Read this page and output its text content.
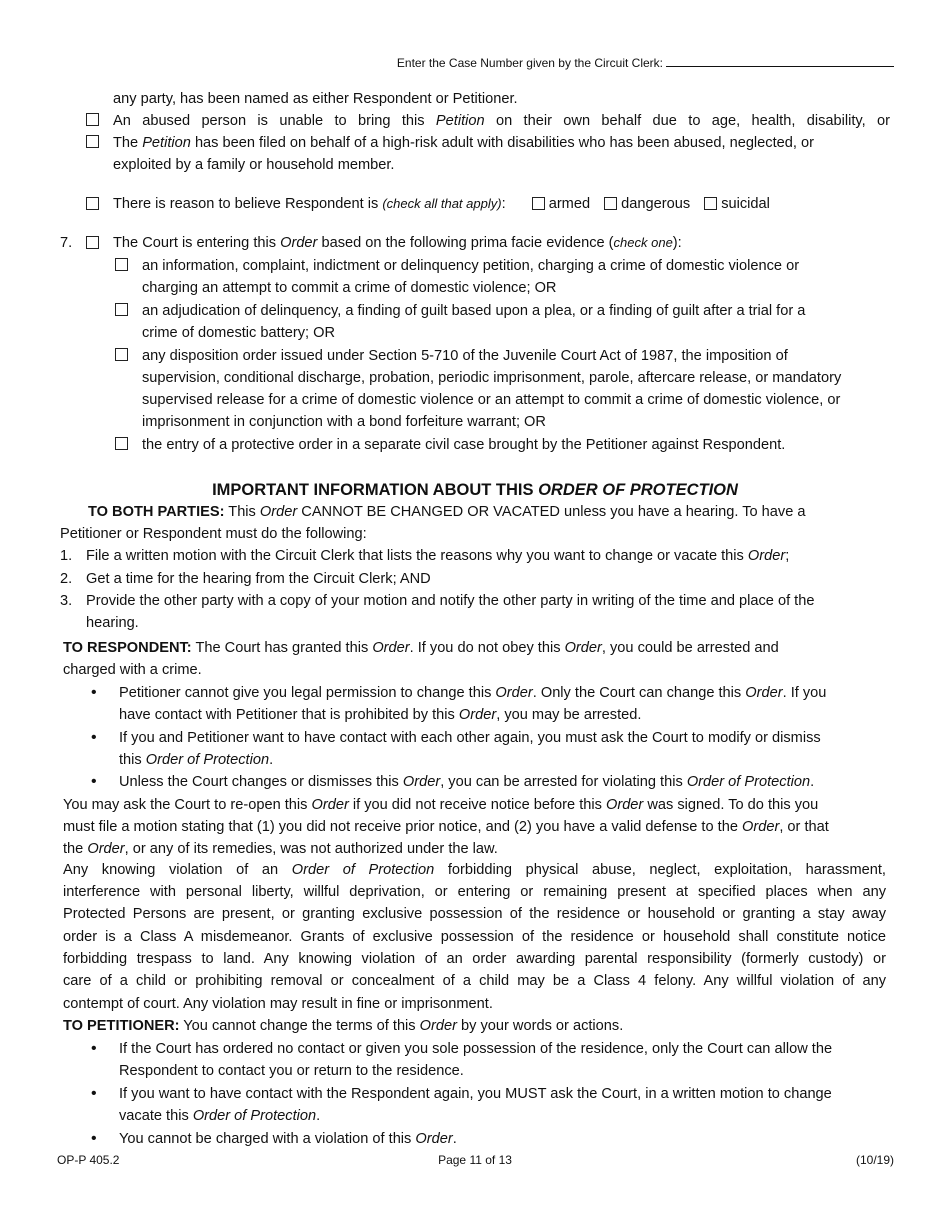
Enter the Case Number given by the Circuit Clerk:
any party, has been named as either Respondent or Petitioner.
An abused person is unable to bring this Petition on their own behalf due to age, health, disability, or
The Petition has been filed on behalf of a high-risk adult with disabilities who has been abused, neglected, or
exploited by a family or household member.
There is reason to believe Respondent is (check all that apply):	armed dangerous suicidal
7.	The Court is entering this Order based on the following prima facie evidence (check one):
an information, complaint, indictment or delinquency petition, charging a crime of domestic violence or
charging an attempt to commit a crime of domestic violence; OR
an adjudication of delinquency, a finding of guilt based upon a plea, or a finding of guilt after a trial for a
crime of domestic battery; OR
any disposition order issued under Section 5-710 of the Juvenile Court Act of 1987, the imposition of
supervision, conditional discharge, probation, periodic imprisonment, parole, aftercare release, or mandatory
supervised release for a crime of domestic violence or an attempt to commit a crime of domestic violence, or
imprisonment in conjunction with a bond forfeiture warrant; OR
the entry of a protective order in a separate civil case brought by the Petitioner against Respondent.
IMPORTANT INFORMATION ABOUT THIS ORDER OF PROTECTION
TO BOTH PARTIES: This Order CANNOT BE CHANGED OR VACATED unless you have a hearing. To have a
Petitioner or Respondent must do the following:
1. File a written motion with the Circuit Clerk that lists the reasons why you want to change or vacate this Order;
2. Get a time for the hearing from the Circuit Clerk; AND
3. Provide the other party with a copy of your motion and notify the other party in writing of the time and place of the
hearing.
TO RESPONDENT: The Court has granted this Order. If you do not obey this Order, you could be arrested and
charged with a crime.
• Petitioner cannot give you legal permission to change this Order. Only the Court can change this Order. If you
have contact with Petitioner that is prohibited by this Order, you may be arrested.
• If you and Petitioner want to have contact with each other again, you must ask the Court to modify or dismiss
this Order of Protection.
• Unless the Court changes or dismisses this Order, you can be arrested for violating this Order of Protection.
You may ask the Court to re-open this Order if you did not receive notice before this Order was signed. To do this you
must file a motion stating that (1) you did not receive prior notice, and (2) you have a valid defense to the Order, or that
the Order, or any of its remedies, was not authorized under the law.
Any knowing violation of an Order of Protection forbidding physical abuse, neglect, exploitation, harassment,
interference with personal liberty, willful deprivation, or entering or remaining present at specified places when any
Protected Persons are present, or granting exclusive possession of the residence or household or granting a stay away
order is a Class A misdemeanor. Grants of exclusive possession of the residence or household shall constitute notice
forbidding trespass to land. Any knowing violation of an order awarding parental responsibility (formerly custody) or
care of a child or prohibiting removal or concealment of a child may be a Class 4 felony. Any willful violation of any
contempt of court. Any violation may result in fine or imprisonment.
TO PETITIONER: You cannot change the terms of this Order by your words or actions.
• If the Court has ordered no contact or given you sole possession of the residence, only the Court can allow the
Respondent to contact you or return to the residence.
• If you want to have contact with the Respondent again, you MUST ask the Court, in a written motion to change
vacate this Order of Protection.
• You cannot be charged with a violation of this Order.
OP-P 405.2	Page 11 of 13	(10/19)
